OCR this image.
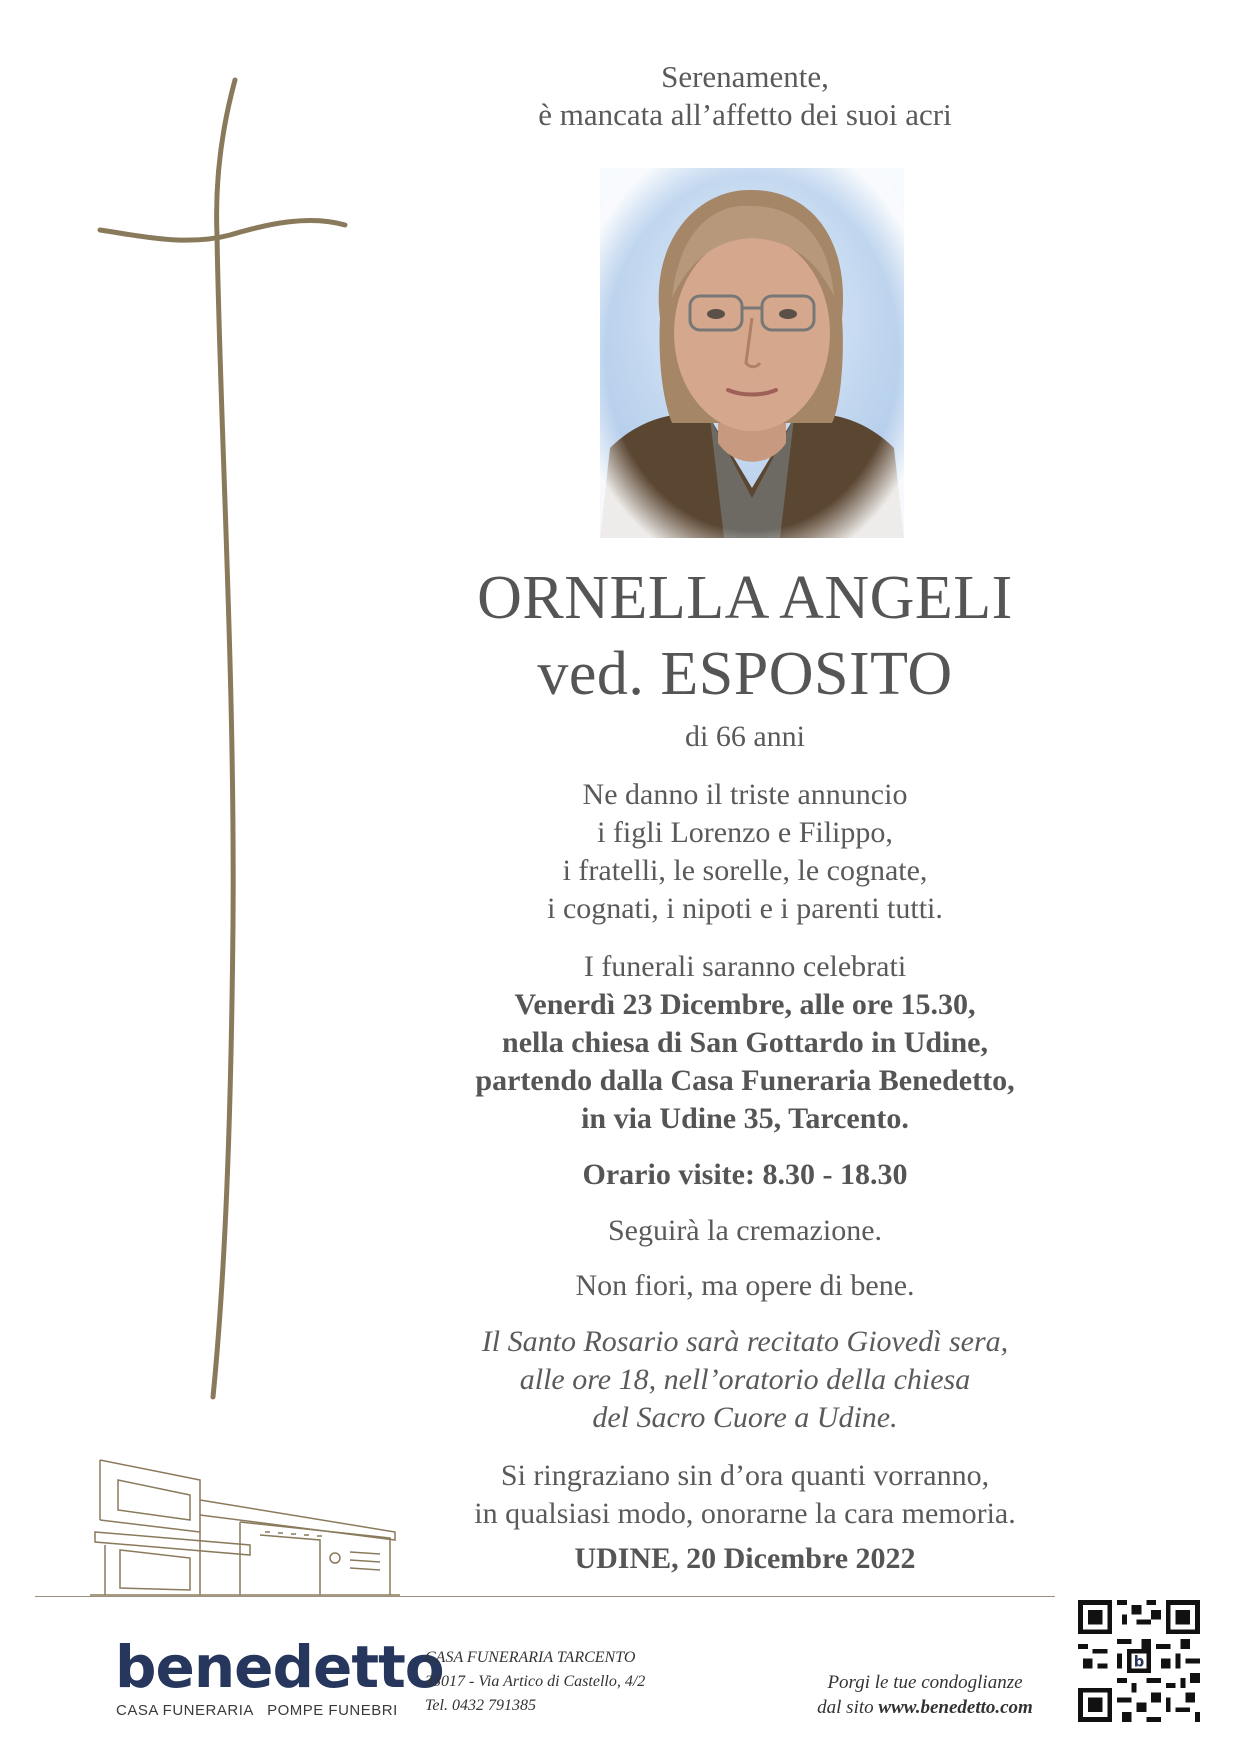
Serenamente,
è mancata all’affetto dei suoi acri
ORNELLA ANGELI
ved. ESPOSITO
di 66 anni
Ne danno il triste annuncio
i figli Lorenzo e Filippo,
i fratelli, le sorelle, le cognate,
i cognati, i nipoti e i parenti tutti.
I funerali saranno celebrati
Venerdì 23 Dicembre, alle ore 15.30,
nella chiesa di San Gottardo in Udine,
partendo dalla Casa Funeraria Benedetto,
in via Udine 35, Tarcento.
Orario visite: 8.30 - 18.30
Seguirà la cremazione.
Non fiori, ma opere di bene.
Il Santo Rosario sarà recitato Giovedì sera,
alle ore 18, nell’oratorio della chiesa
del Sacro Cuore a Udine.
Si ringraziano sin d’ora quanti vorranno,
in qualsiasi modo, onorarne la cara memoria.
UDINE, 20 Dicembre 2022
benedetto
CASA FUNERARIA POMPE FUNEBRI
CASA FUNERARIA TARCENTO
33017 - Via Artico di Castello, 4/2
Tel. 0432 791385
Porgi le tue condoglianze
dal sito www.benedetto.com
b
